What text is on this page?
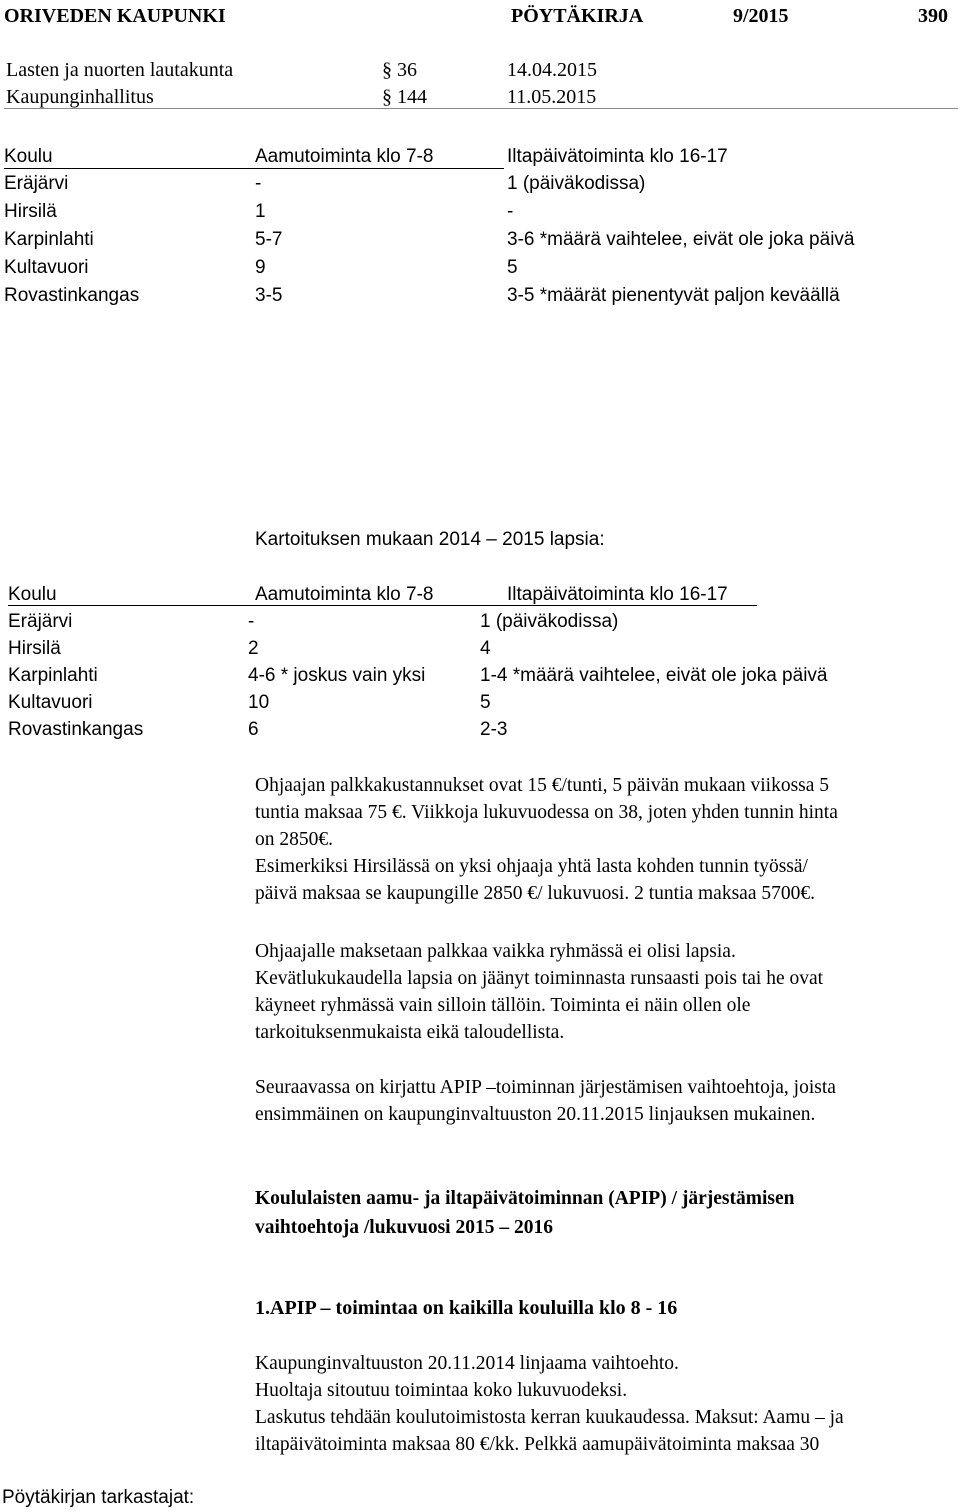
ORIVEDEN KAUPUNKI	PÖYTÄKIRJA	9/2015	390
Lasten ja nuorten lautakunta	§ 36	14.04.2015
Kaupunginhallitus	§ 144	11.05.2015
Koulu	Aamutoiminta klo 7-8	Iltapäivätoiminta klo 16-17
Eräjärvi	-	1 (päiväkodissa)
Hirsilä	1	-
Karpinlahti	5-7	3-6 *määrä vaihtelee, eivät ole joka päivä
Kultavuori	9	5
Rovastinkangas	3-5	3-5 *määrät pienentyvät paljon keväällä
Kartoituksen mukaan 2014 – 2015 lapsia:
Koulu	Aamutoiminta klo 7-8	Iltapäivätoiminta klo 16-17
Eräjärvi	-	1 (päiväkodissa)
Hirsilä	2	4
Karpinlahti	4-6 * joskus vain yksi	1-4 *määrä vaihtelee, eivät ole joka päivä
Kultavuori	10	5
Rovastinkangas	6	2-3
Ohjaajan palkkakustannukset ovat 15 €/tunti, 5 päivän mukaan viikossa 5
tuntia maksaa 75 €. Viikkoja lukuvuodessa on 38, joten yhden tunnin hinta
on 2850€.
Esimerkiksi Hirsilässä on yksi ohjaaja yhtä lasta kohden tunnin työssä/
päivä maksaa se kaupungille 2850 €/ lukuvuosi. 2 tuntia maksaa 5700€.
Ohjaajalle maksetaan palkkaa vaikka ryhmässä ei olisi lapsia.
Kevätlukukaudella lapsia on jäänyt toiminnasta runsaasti pois tai he ovat
käyneet ryhmässä vain silloin tällöin. Toiminta ei näin ollen ole
tarkoituksenmukaista eikä taloudellista.
Seuraavassa on kirjattu APIP –toiminnan järjestämisen vaihtoehtoja, joista
ensimmäinen on kaupunginvaltuuston 20.11.2015 linjauksen mukainen.
Koululaisten aamu- ja iltapäivätoiminnan (APIP) / järjestämisen
vaihtoehtoja /lukuvuosi 2015 – 2016
1.APIP – toimintaa on kaikilla kouluilla klo 8 - 16
Kaupunginvaltuuston 20.11.2014 linjaama vaihtoehto.
Huoltaja sitoutuu toimintaa koko lukuvuodeksi.
Laskutus tehdään koulutoimistosta kerran kuukaudessa. Maksut: Aamu – ja
iltapäivätoiminta maksaa 80 €/kk. Pelkkä aamupäivätoiminta maksaa 30
Pöytäkirjan tarkastajat:
